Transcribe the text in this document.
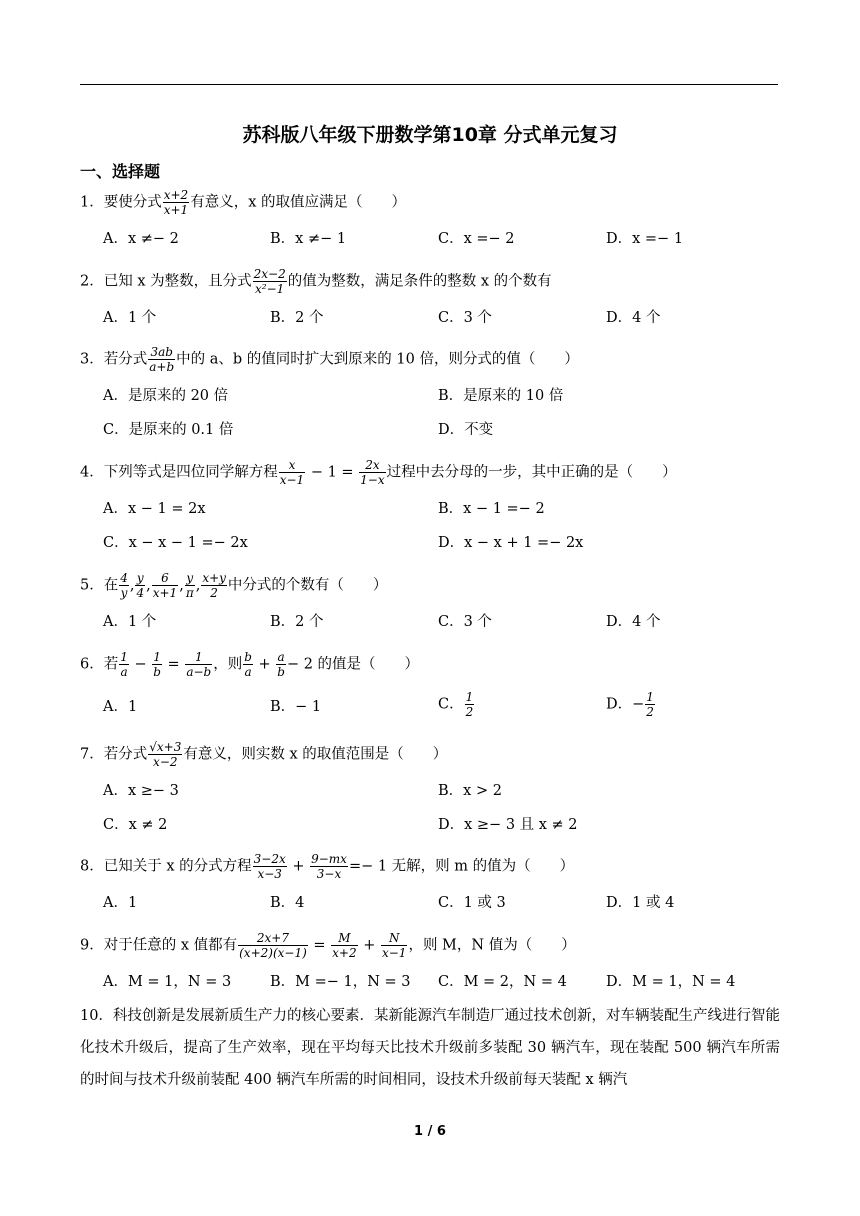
苏科版八年级下册数学第10章 分式单元复习
一、选择题
1．要使分式 $\frac{x+2}{x+1}$ 有意义，x 的取值应满足（　　）
A．x ≠− 2	B．x ≠− 1	C．x =− 2	D．x =− 1
2．已知 x 为整数，且分式 $\frac{2x-2}{\text{x²−1}}$ 的值为整数，满足条件的整数 x 的个数有
A．1 个	B．2 个	C．3 个	D．4 个
3．若分式 $\frac{3ab}{a+b}$ 中的 a、b 的值同时扩大到原来的 10 倍，则分式的值（　　）
A．是原来的 20 倍	B．是原来的 10 倍
C．是原来的 0.1 倍	D．不变
4．下列等式是四位同学解方程 $\frac{x}{x-1} - 1 = \frac{2x}{1-x}$ 过程中去分母的一步，其中正确的是（　　）
A．x − 1 = 2x	B．x − 1 =− 2
C．x − x − 1 =− 2x	D．x − x + 1 =− 2x
5．在 $\frac{4}{y}$ , $\frac{y}{4}$ , $\frac{6}{x+1}$ , $\frac{y}{\pi}$ , $\frac{x+y}{2}$ 中分式的个数有（　　）
A．1 个	B．2 个	C．3 个	D．4 个
6．若 $\frac{1}{a} - \frac{1}{b} = \frac{1}{a-b}$ ，则 $\frac{b}{a} + \frac{a}{b} - 2$ 的值是（　　）
A．1	B．− 1	C． $\frac{1}{2}$	D．− $\frac{1}{2}$
7．若分式 $\frac{√x+3}{x-2}$ 有意义，则实数 x 的取值范围是（　　）
A．x ≥− 3	B．x > 2
C．x ≠ 2	D．x ≥− 3 且 x ≠ 2
8．已知关于 x 的分式方程 $\frac{3-2x}{x-3} + \frac{9-mx}{3-x} =- 1$ 无解，则 m 的值为（　　）
A．1	B．4	C．1 或 3	D．1 或 4
9．对于任意的 x 值都有 $\frac{2x+7}{(x+2)(x-1)} = \frac{M}{x+2} + \frac{N}{x-1}$ ，则 M，N 值为（　　）
A．M = 1，N = 3	B．M =− 1，N = 3 C．M = 2，N = 4	D．M = 1，N = 4
10．科技创新是发展新质生产力的核心要素．某新能源汽车制造厂通过技术创新，对车辆装配生产线进行智能化技术升级后，提高了生产效率，现在平均每天比技术升级前多装配 30 辆汽车，现在装配 500 辆汽车所需的时间与技术升级前装配 400 辆汽车所需的时间相同，设技术升级前每天装配 x 辆汽
1 / 6
